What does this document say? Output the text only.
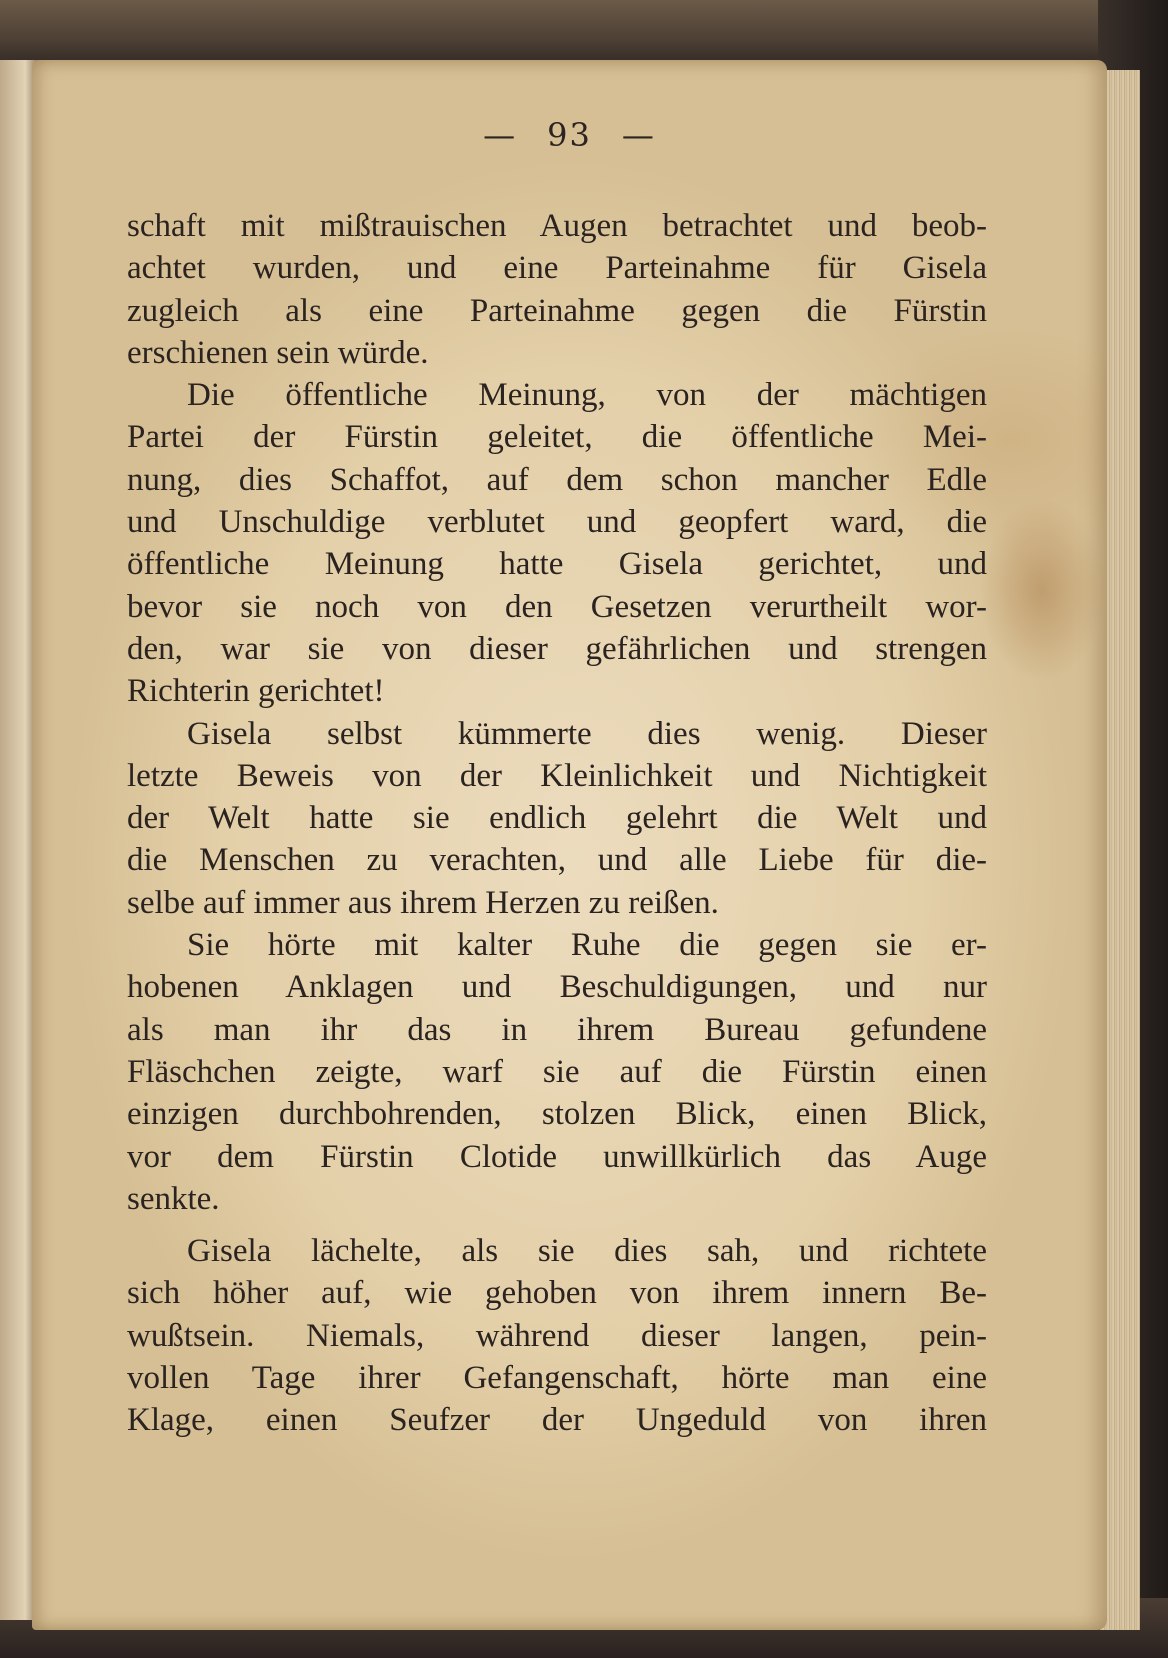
— 93 —
schaft mit mißtrauischen Augen betrachtet und beob-
achtet wurden, und eine Parteinahme für Gisela
zugleich als eine Parteinahme gegen die Fürstin
erschienen sein würde.
Die öffentliche Meinung, von der mächtigen
Partei der Fürstin geleitet, die öffentliche Mei-
nung, dies Schaffot, auf dem schon mancher Edle
und Unschuldige verblutet und geopfert ward, die
öffentliche Meinung hatte Gisela gerichtet, und
bevor sie noch von den Gesetzen verurtheilt wor-
den, war sie von dieser gefährlichen und strengen
Richterin gerichtet!
Gisela selbst kümmerte dies wenig. Dieser
letzte Beweis von der Kleinlichkeit und Nichtigkeit
der Welt hatte sie endlich gelehrt die Welt und
die Menschen zu verachten, und alle Liebe für die-
selbe auf immer aus ihrem Herzen zu reißen.
Sie hörte mit kalter Ruhe die gegen sie er-
hobenen Anklagen und Beschuldigungen, und nur
als man ihr das in ihrem Bureau gefundene
Fläschchen zeigte, warf sie auf die Fürstin einen
einzigen durchbohrenden, stolzen Blick, einen Blick,
vor dem Fürstin Clotide unwillkürlich das Auge
senkte.
Gisela lächelte, als sie dies sah, und richtete
sich höher auf, wie gehoben von ihrem innern Be-
wußtsein. Niemals, während dieser langen, pein-
vollen Tage ihrer Gefangenschaft, hörte man eine
Klage, einen Seufzer der Ungeduld von ihren
